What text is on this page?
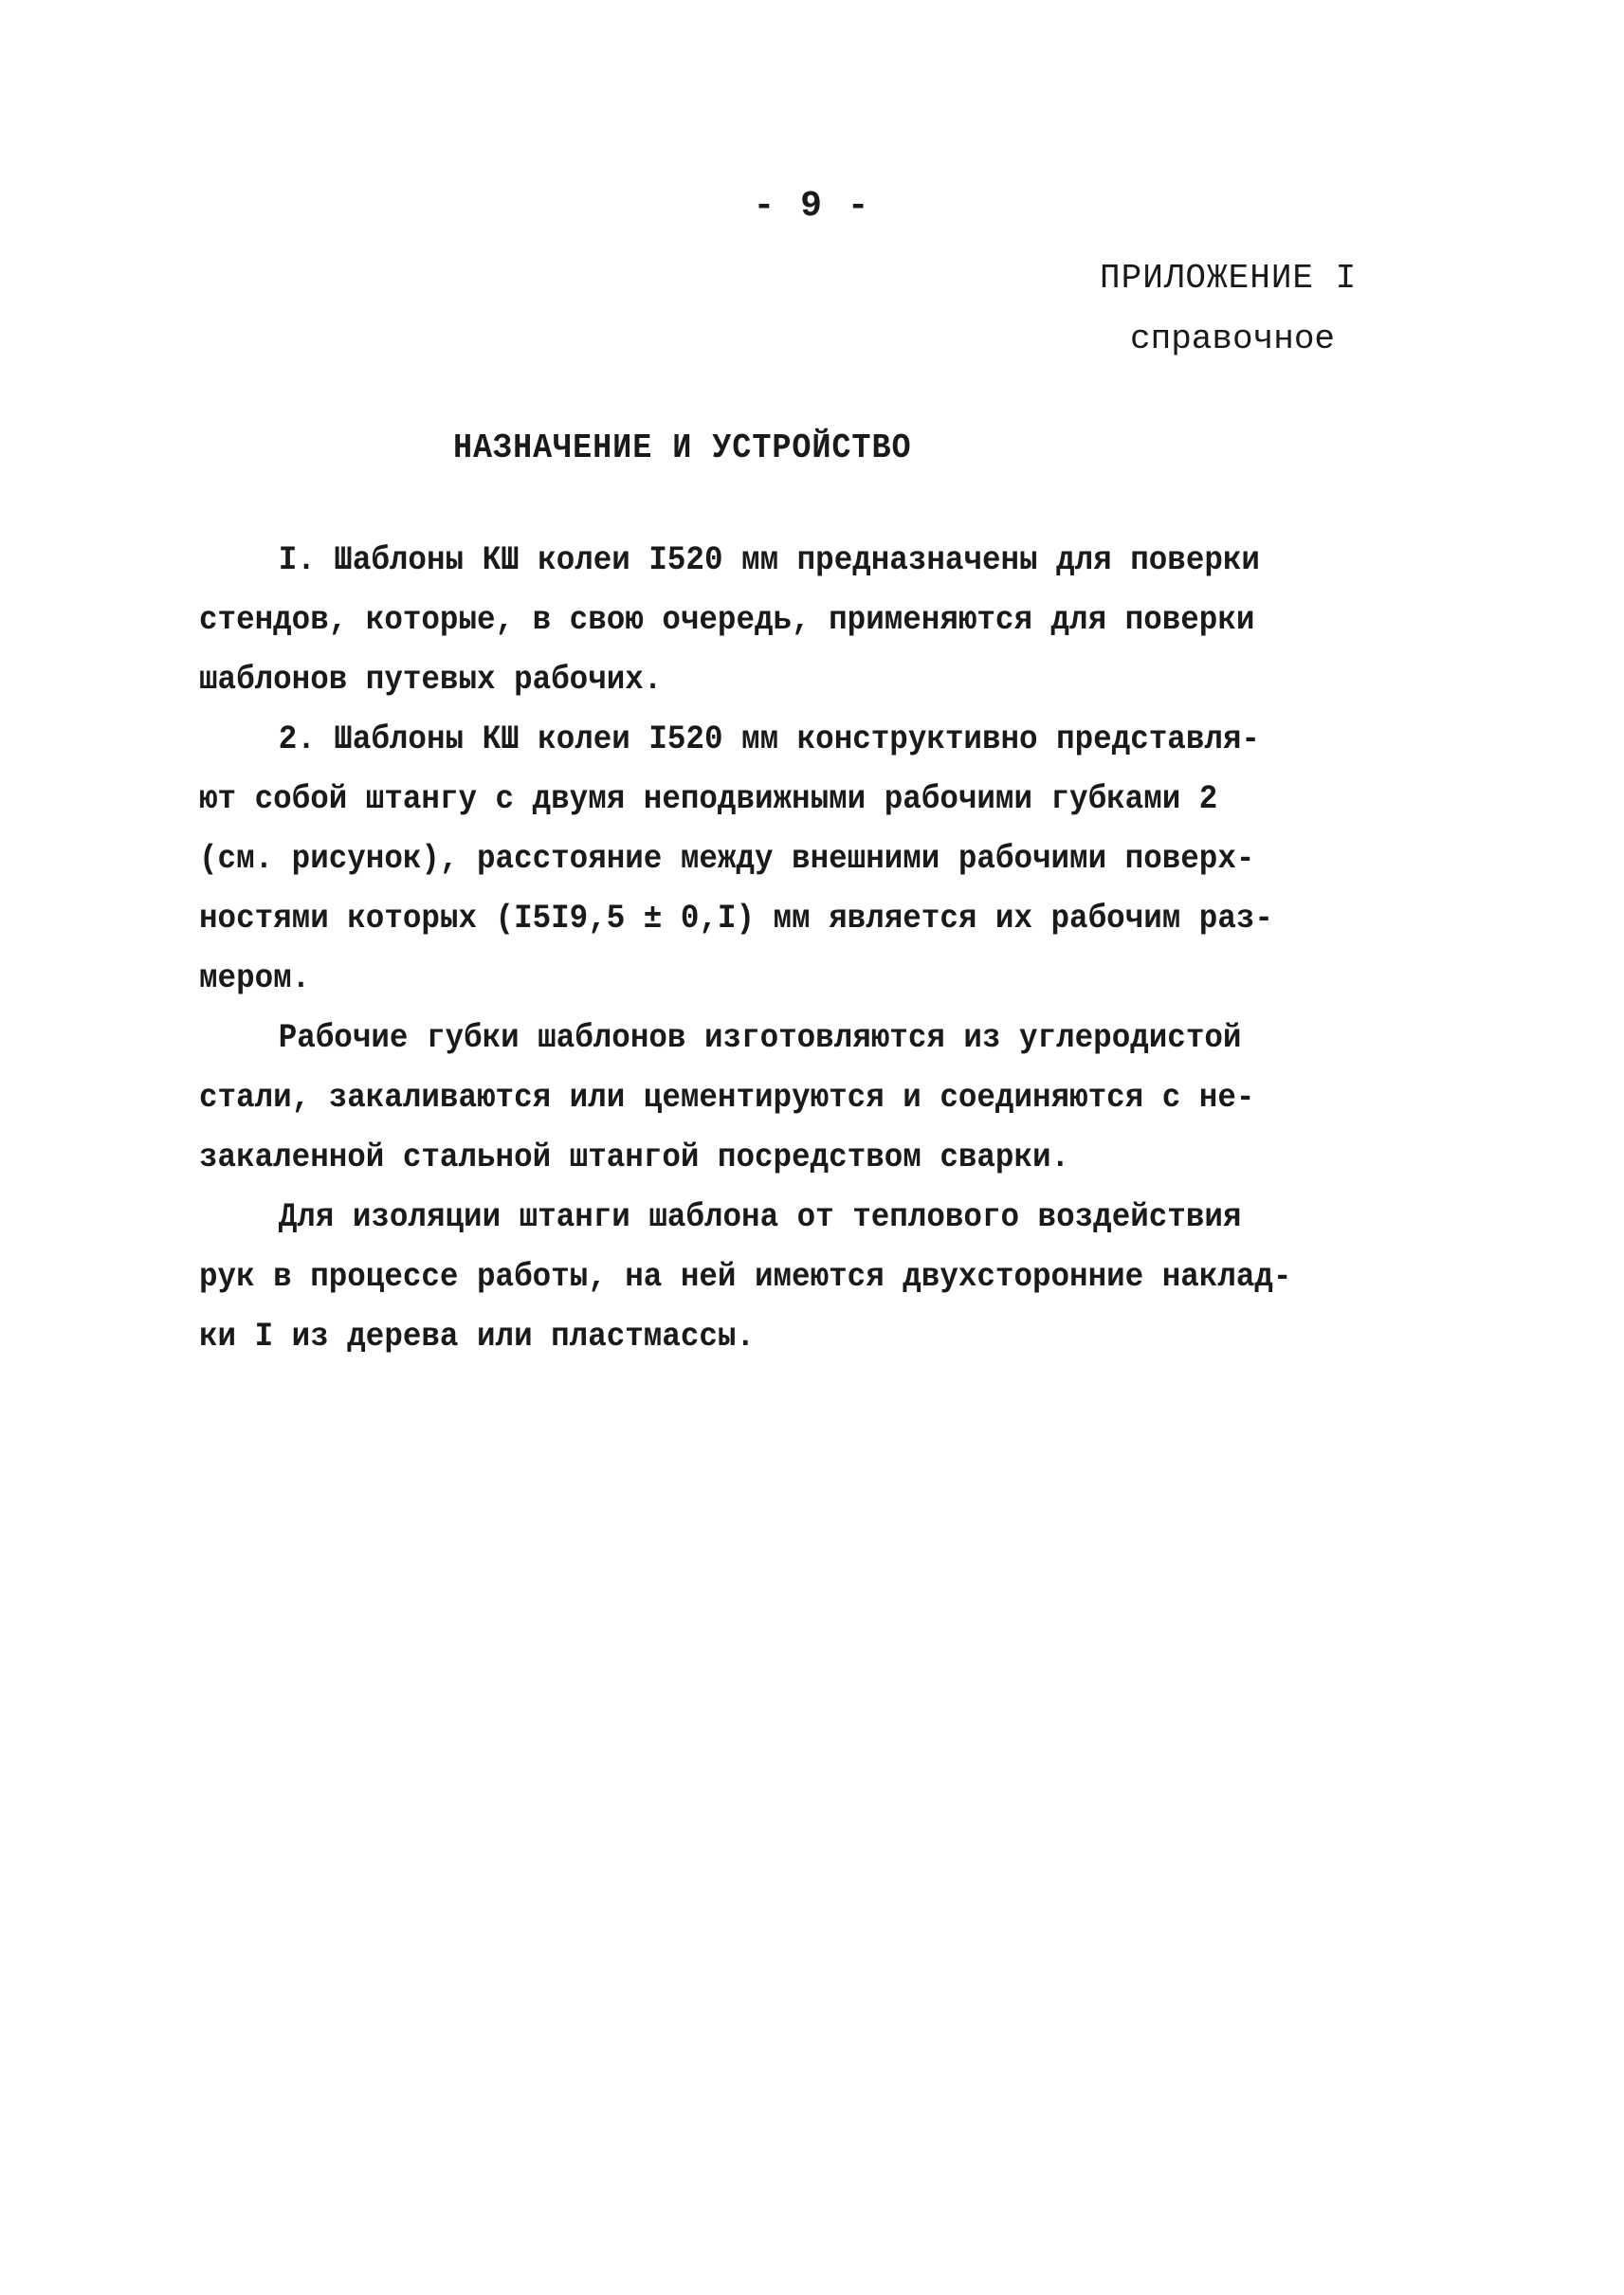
- 9 -
ПРИЛОЖЕНИЕ I
справочное
НАЗНАЧЕНИЕ И УСТРОЙСТВО
I. Шаблоны КШ колеи I520 мм предназначены для поверки
стендов, которые, в свою очередь, применяются для поверки
шаблонов путевых рабочих.
2. Шаблоны КШ колеи I520 мм конструктивно представля-
ют собой штангу с двумя неподвижными рабочими губками 2
(см. рисунок), расстояние между внешними рабочими поверх-
ностями которых (I5I9,5 ± 0,I) мм является их рабочим раз-
мером.
Рабочие губки шаблонов изготовляются из углеродистой
стали, закаливаются или цементируются и соединяются с не-
закаленной стальной штангой посредством сварки.
Для изоляции штанги шаблона от теплового воздействия
рук в процессе работы, на ней имеются двухсторонние наклад-
ки I из дерева или пластмассы.
